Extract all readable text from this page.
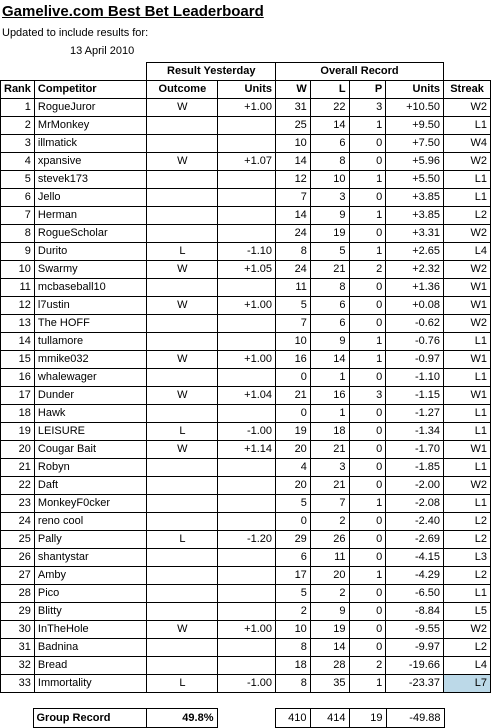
Gamelive.com Best Bet Leaderboard
Updated to include results for:
13 April 2010
		Result Yesterday		Overall Record				
Rank	Competitor	Outcome	Units	W	L	P	Units	Streak
1	RogueJuror	W	+1.00	31	22	3	+10.50	W2
2	MrMonkey			25	14	1	+9.50	L1
3	illmatick			10	6	0	+7.50	W4
4	xpansive	W	+1.07	14	8	0	+5.96	W2
5	stevek173			12	10	1	+5.50	L1
6	Jello			7	3	0	+3.85	L1
7	Herman			14	9	1	+3.85	L2
8	RogueScholar			24	19	0	+3.31	W2
9	Durito	L	-1.10	8	5	1	+2.65	L4
10	Swarmy	W	+1.05	24	21	2	+2.32	W2
11	mcbaseball10			11	8	0	+1.36	W1
12	l7ustin	W	+1.00	5	6	0	+0.08	W1
13	The HOFF			7	6	0	-0.62	W2
14	tullamore			10	9	1	-0.76	L1
15	mmike032	W	+1.00	16	14	1	-0.97	W1
16	whalewager			0	1	0	-1.10	L1
17	Dunder	W	+1.04	21	16	3	-1.15	W1
18	Hawk			0	1	0	-1.27	L1
19	LEISURE	L	-1.00	19	18	0	-1.34	L1
20	Cougar Bait	W	+1.14	20	21	0	-1.70	W1
21	Robyn			4	3	0	-1.85	L1
22	Daft			20	21	0	-2.00	W2
23	MonkeyF0cker			5	7	1	-2.08	L1
24	reno cool			0	2	0	-2.40	L2
25	Pally	L	-1.20	29	26	0	-2.69	L2
26	shantystar			6	11	0	-4.15	L3
27	Amby			17	20	1	-4.29	L2
28	Pico			5	2	0	-6.50	L1
29	Blitty			2	9	0	-8.84	L5
30	InTheHole	W	+1.00	10	19	0	-9.55	W2
31	Badnina			8	14	0	-9.97	L2
32	Bread			18	28	2	-19.66	L4
33	Immortality	L	-1.00	8	35	1	-23.37	L7
	Group Record	49.8%		410	414	19	-49.88	
